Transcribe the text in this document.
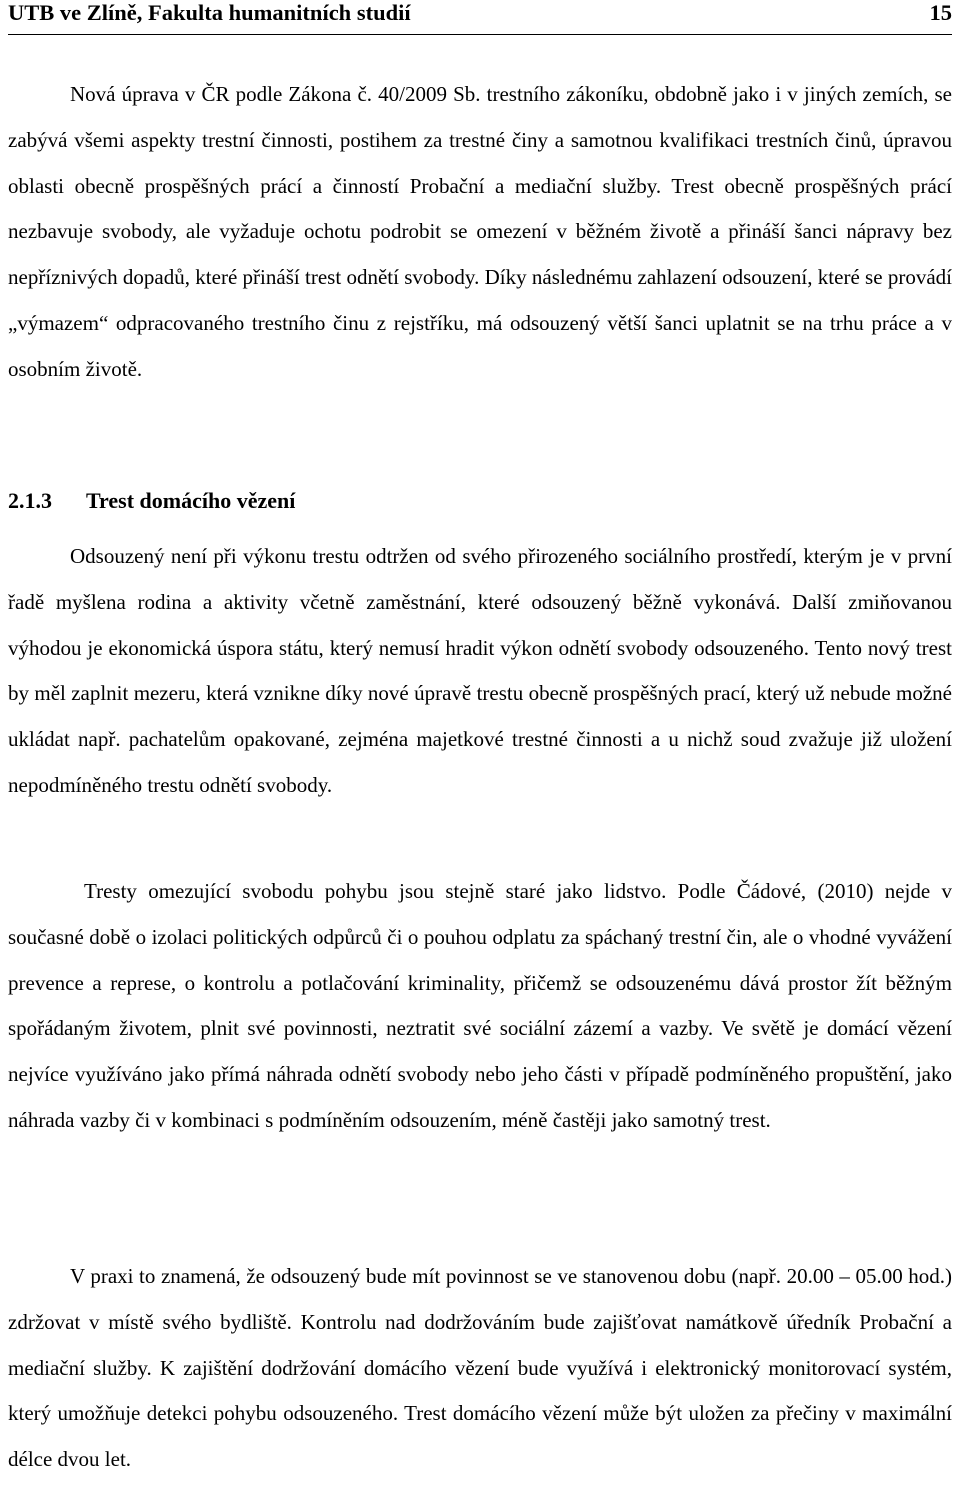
UTB ve Zlíně, Fakulta humanitních studií	15

Nová úprava v ČR podle Zákona č. 40/2009 Sb. trestního zákoníku, obdobně jako i v jiných zemích, se zabývá všemi aspekty trestní činnosti, postihem za trestné činy a samotnou kvalifikaci trestních činů, úpravou oblasti obecně prospěšných prácí a činností Probační a mediační služby. Trest obecně prospěšných prácí nezbavuje svobody, ale vyžaduje ochotu podrobit se omezení v běžném životě a přináší šanci nápravy bez nepříznivých dopadů, které přináší trest odnětí svobody. Díky následnému zahlazení odsouzení, které se provádí „výmazem“ odpracovaného trestního činu z rejstříku, má odsouzený větší šanci uplatnit se na trhu práce a v osobním životě.

2.1.3 Trest domácího vězení

Odsouzený není při výkonu trestu odtržen od svého přirozeného sociálního prostředí, kterým je v první řadě myšlena rodina a aktivity včetně zaměstnání, které odsouzený běžně vykonává. Další zmiňovanou výhodou je ekonomická úspora státu, který nemusí hradit výkon odnětí svobody odsouzeného. Tento nový trest by měl zaplnit mezeru, která vznikne díky nové úpravě trestu obecně prospěšných prací, který už nebude možné ukládat např. pachatelům opakované, zejména majetkové trestné činnosti a u nichž soud zvažuje již uložení nepodmíněného trestu odnětí svobody.

Tresty omezující svobodu pohybu jsou stejně staré jako lidstvo. Podle Čádové, (2010) nejde v současné době o izolaci politických odpůrců či o pouhou odplatu za spáchaný trestní čin, ale o vhodné vyvážení prevence a represe, o kontrolu a potlačování kriminality, přičemž se odsouzenému dává prostor žít běžným spořádaným životem, plnit své povinnosti, neztratit své sociální zázemí a vazby. Ve světě je domácí vězení nejvíce využíváno jako přímá náhrada odnětí svobody nebo jeho části v případě podmíněného propuštění, jako náhrada vazby či v kombinaci s podmíněním odsouzením, méně častěji jako samotný trest.

V praxi to znamená, že odsouzený bude mít povinnost se ve stanovenou dobu (např. 20.00 – 05.00 hod.) zdržovat v místě svého bydliště. Kontrolu nad dodržováním bude zajišťovat namátkově úředník Probační a mediační služby. K zajištění dodržování domácího vězení bude využívá i elektronický monitorovací systém, který umožňuje detekci pohybu odsouzeného. Trest domácího vězení může být uložen za přečiny v maximální délce dvou let.
